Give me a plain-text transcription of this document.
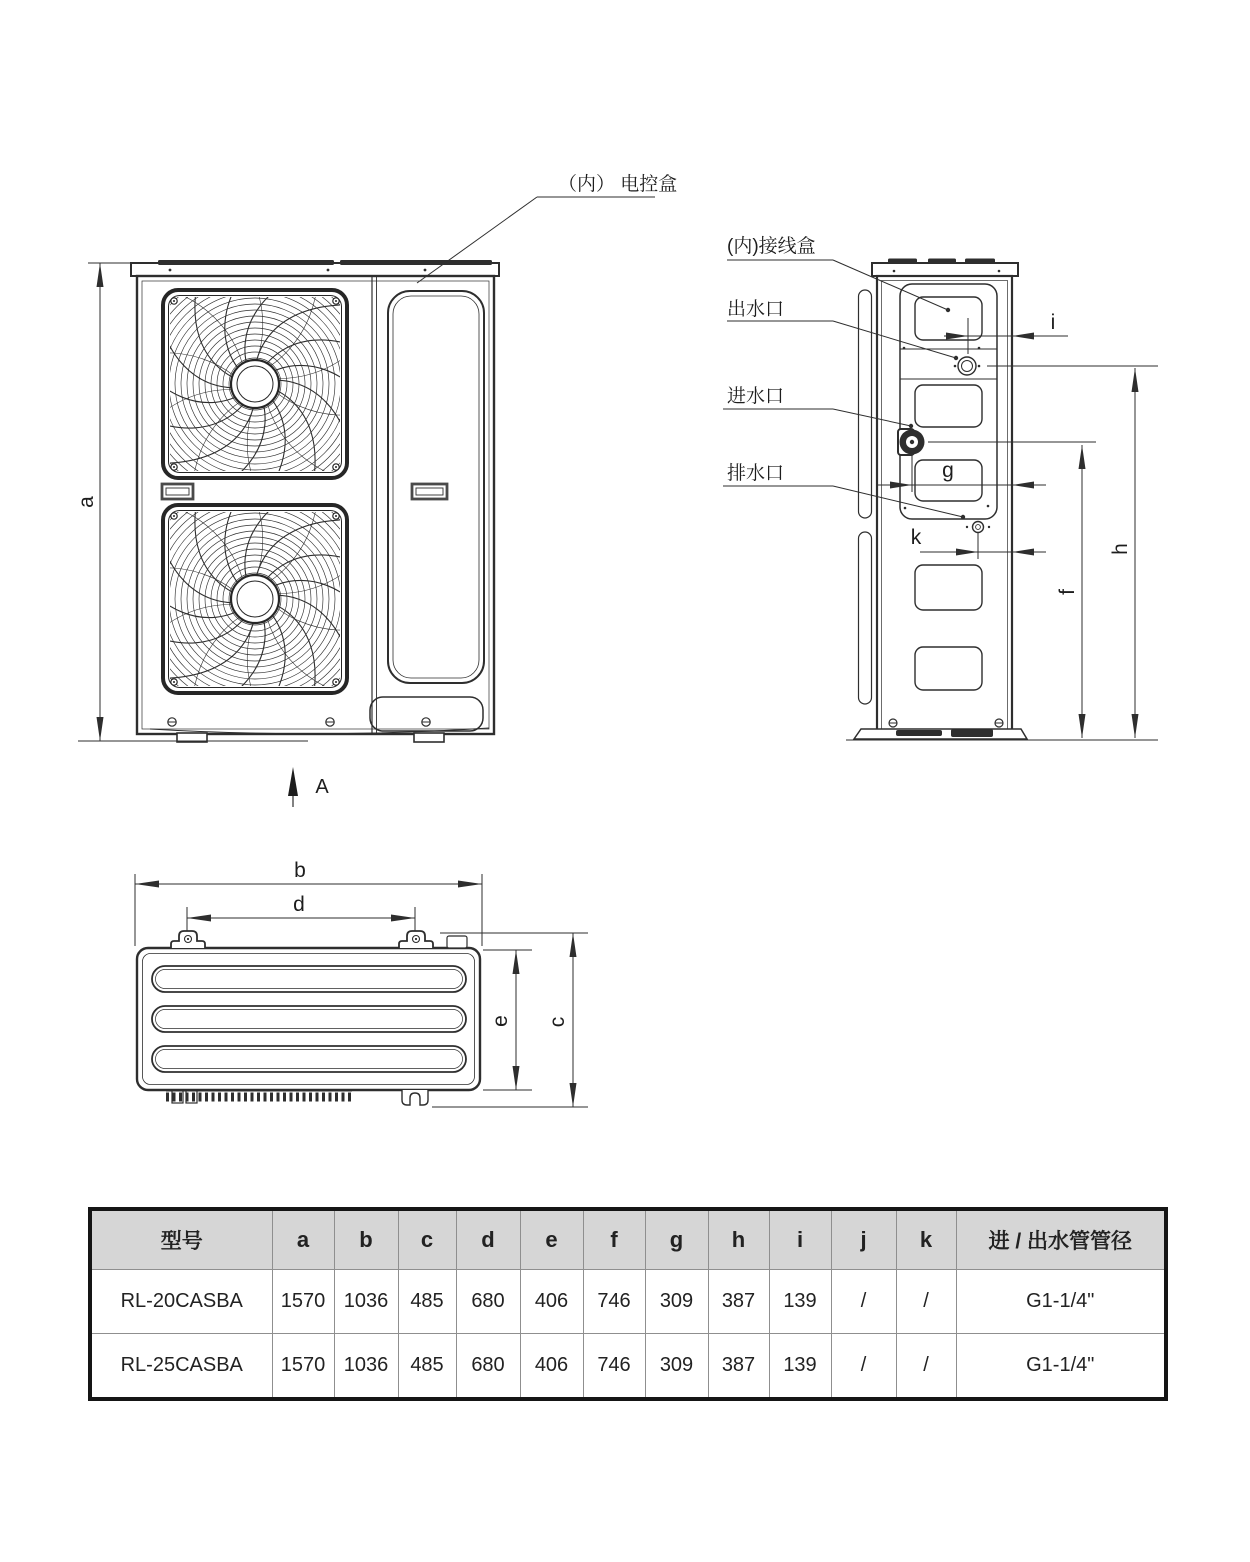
a
（内） 电控盒
A
(内)接线盒
出水口
进水口
排水口
i
g
k
f
h
b
d
e c
型号	a	b	c	d	e	f	g	h	i	j	k	进 / 出水管管径
RL-20CASBA	1570	1036	485	680	406	746	309	387	139	/	/	G1-1/4"
RL-25CASBA	1570	1036	485	680	406	746	309	387	139	/	/	G1-1/4"
